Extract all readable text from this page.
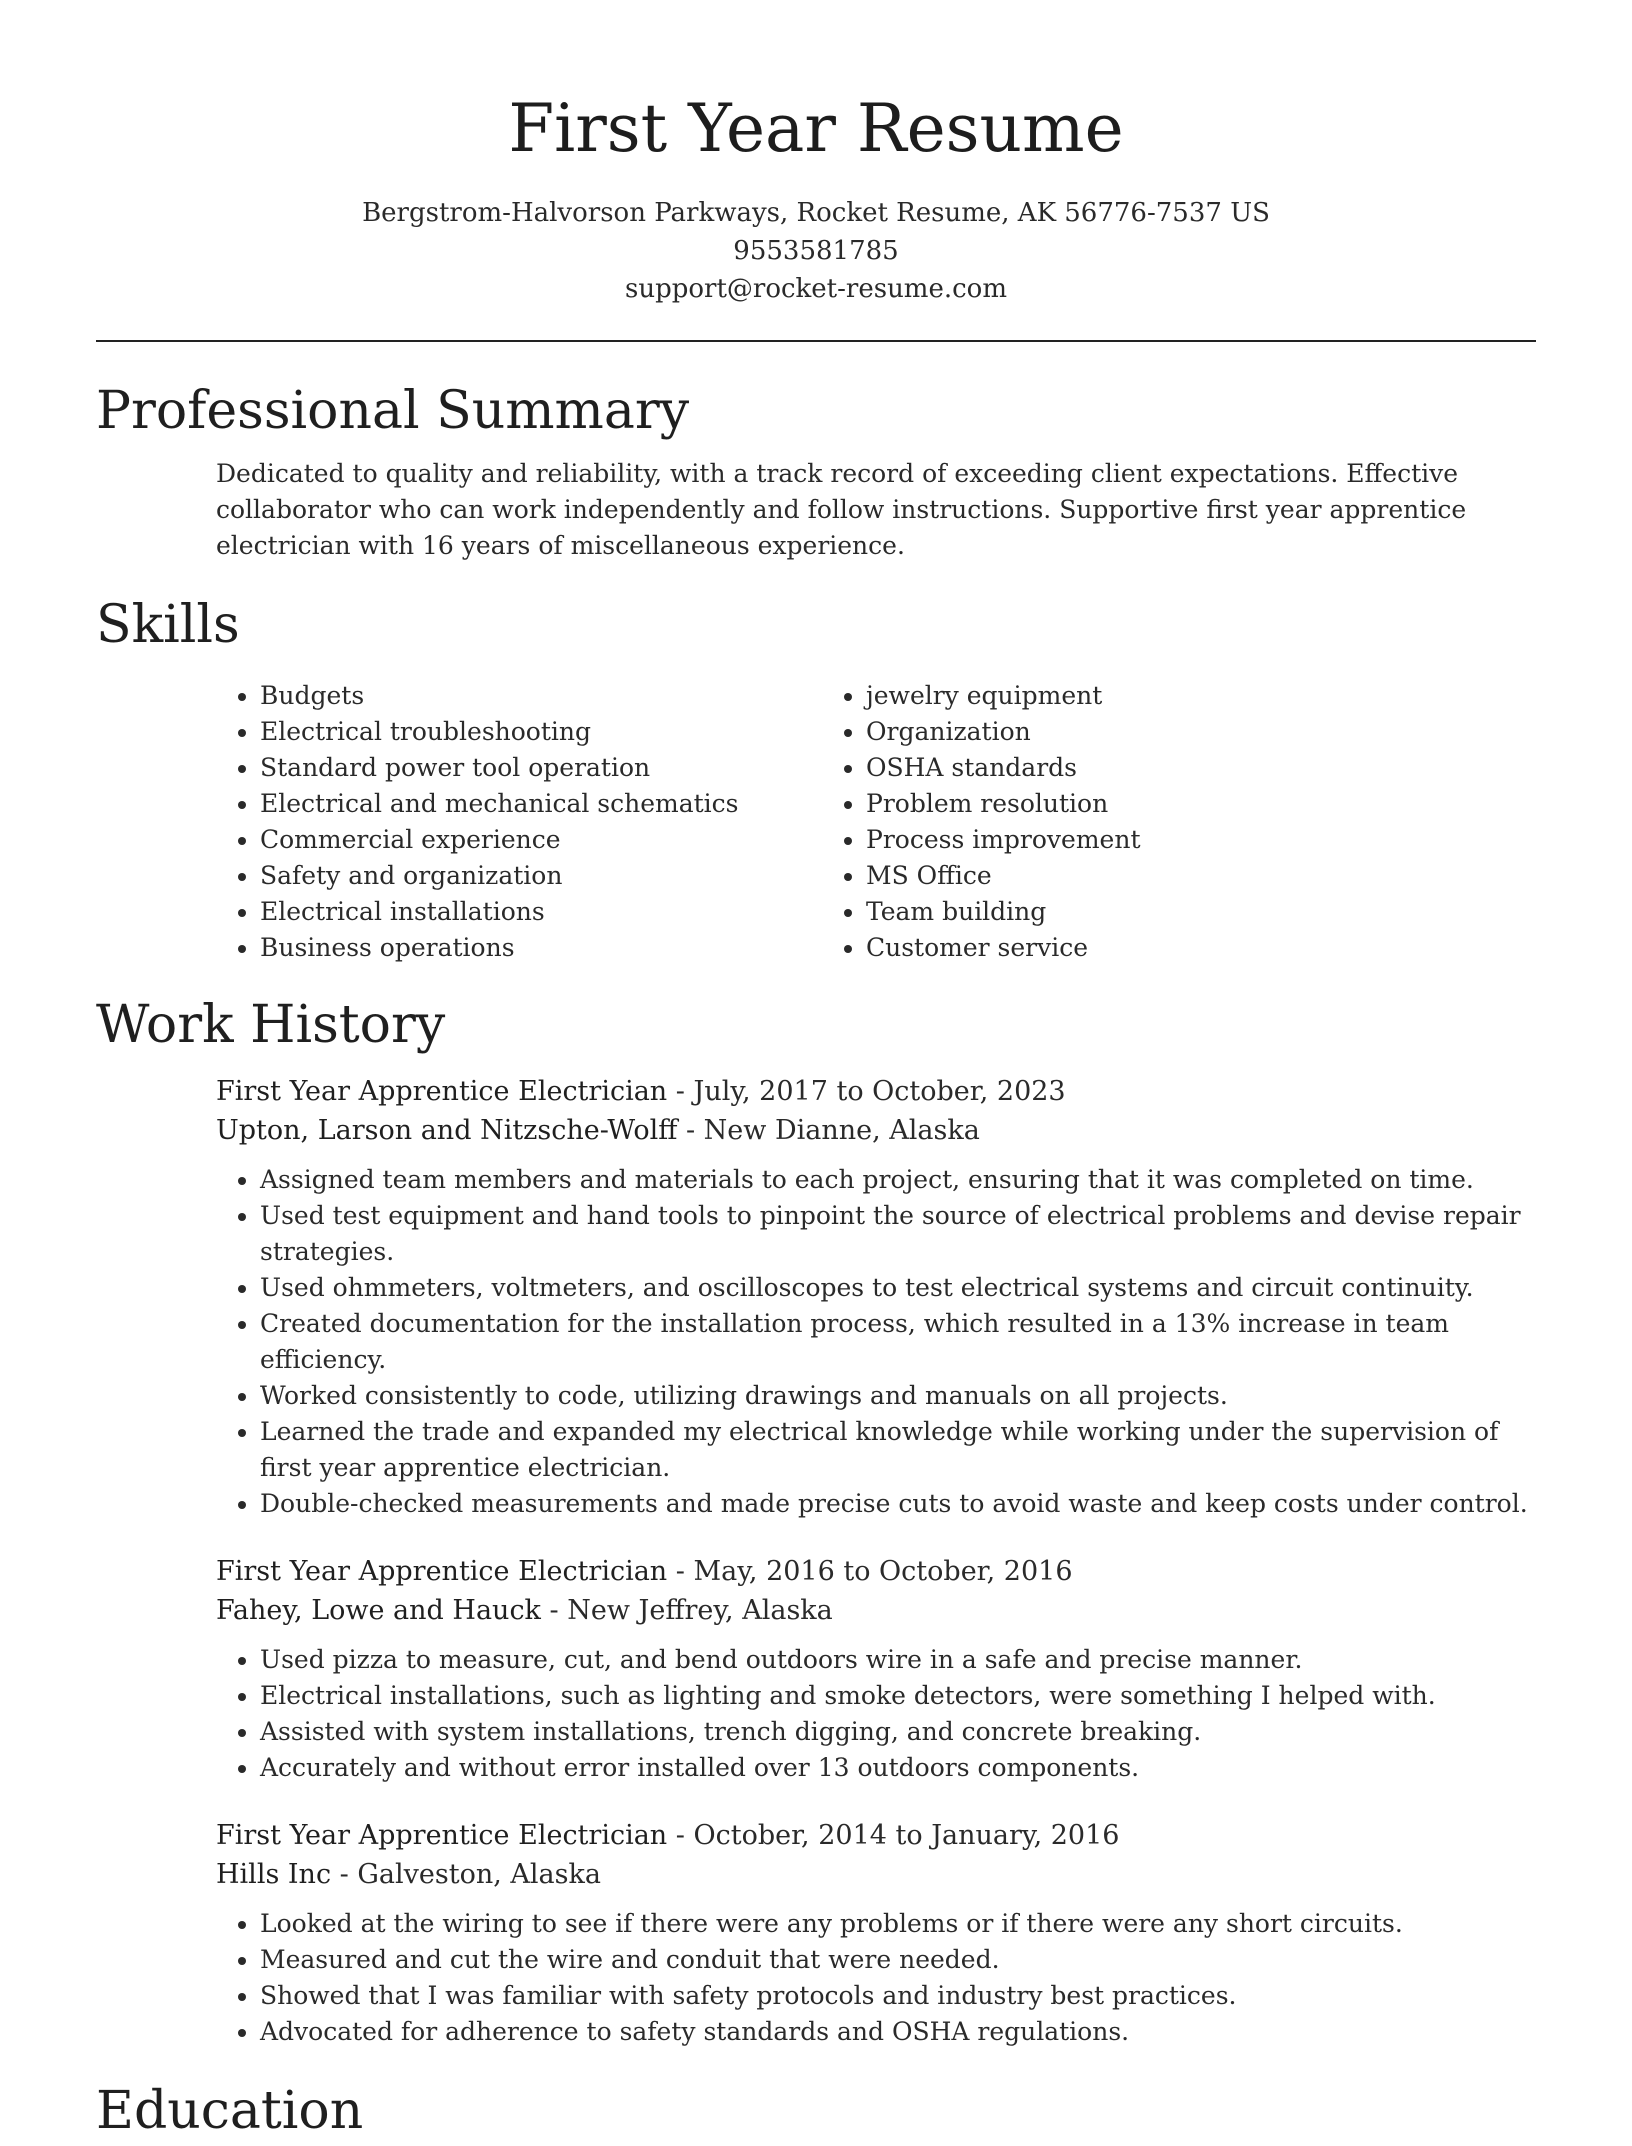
First Year Resume
Bergstrom-Halvorson Parkways, Rocket Resume, AK 56776-7537 US
9553581785
support@rocket-resume.com
Professional Summary

Dedicated to quality and reliability, with a track record of exceeding client expectations. Effective collaborator who can work independently and follow instructions. Supportive first year apprentice electrician with 16 years of miscellaneous experience.

Skills
• Budgets
• Electrical troubleshooting
• Standard power tool operation
• Electrical and mechanical schematics
• Commercial experience
• Safety and organization
• Electrical installations
• Business operations
• jewelry equipment
• Organization
• OSHA standards
• Problem resolution
• Process improvement
• MS Office
• Team building
• Customer service
Work History
First Year Apprentice Electrician - July, 2017 to October, 2023
Upton, Larson and Nitzsche-Wolff - New Dianne, Alaska
• Assigned team members and materials to each project, ensuring that it was completed on time.
• Used test equipment and hand tools to pinpoint the source of electrical problems and devise repair strategies.
• Used ohmmeters, voltmeters, and oscilloscopes to test electrical systems and circuit continuity.
• Created documentation for the installation process, which resulted in a 13% increase in team efficiency.
• Worked consistently to code, utilizing drawings and manuals on all projects.
• Learned the trade and expanded my electrical knowledge while working under the supervision of first year apprentice electrician.
• Double-checked measurements and made precise cuts to avoid waste and keep costs under control.
First Year Apprentice Electrician - May, 2016 to October, 2016
Fahey, Lowe and Hauck - New Jeffrey, Alaska
• Used pizza to measure, cut, and bend outdoors wire in a safe and precise manner.
• Electrical installations, such as lighting and smoke detectors, were something I helped with.
• Assisted with system installations, trench digging, and concrete breaking.
• Accurately and without error installed over 13 outdoors components.
First Year Apprentice Electrician - October, 2014 to January, 2016
Hills Inc - Galveston, Alaska
• Looked at the wiring to see if there were any problems or if there were any short circuits.
• Measured and cut the wire and conduit that were needed.
• Showed that I was familiar with safety protocols and industry best practices.
• Advocated for adherence to safety standards and OSHA regulations.
Education
